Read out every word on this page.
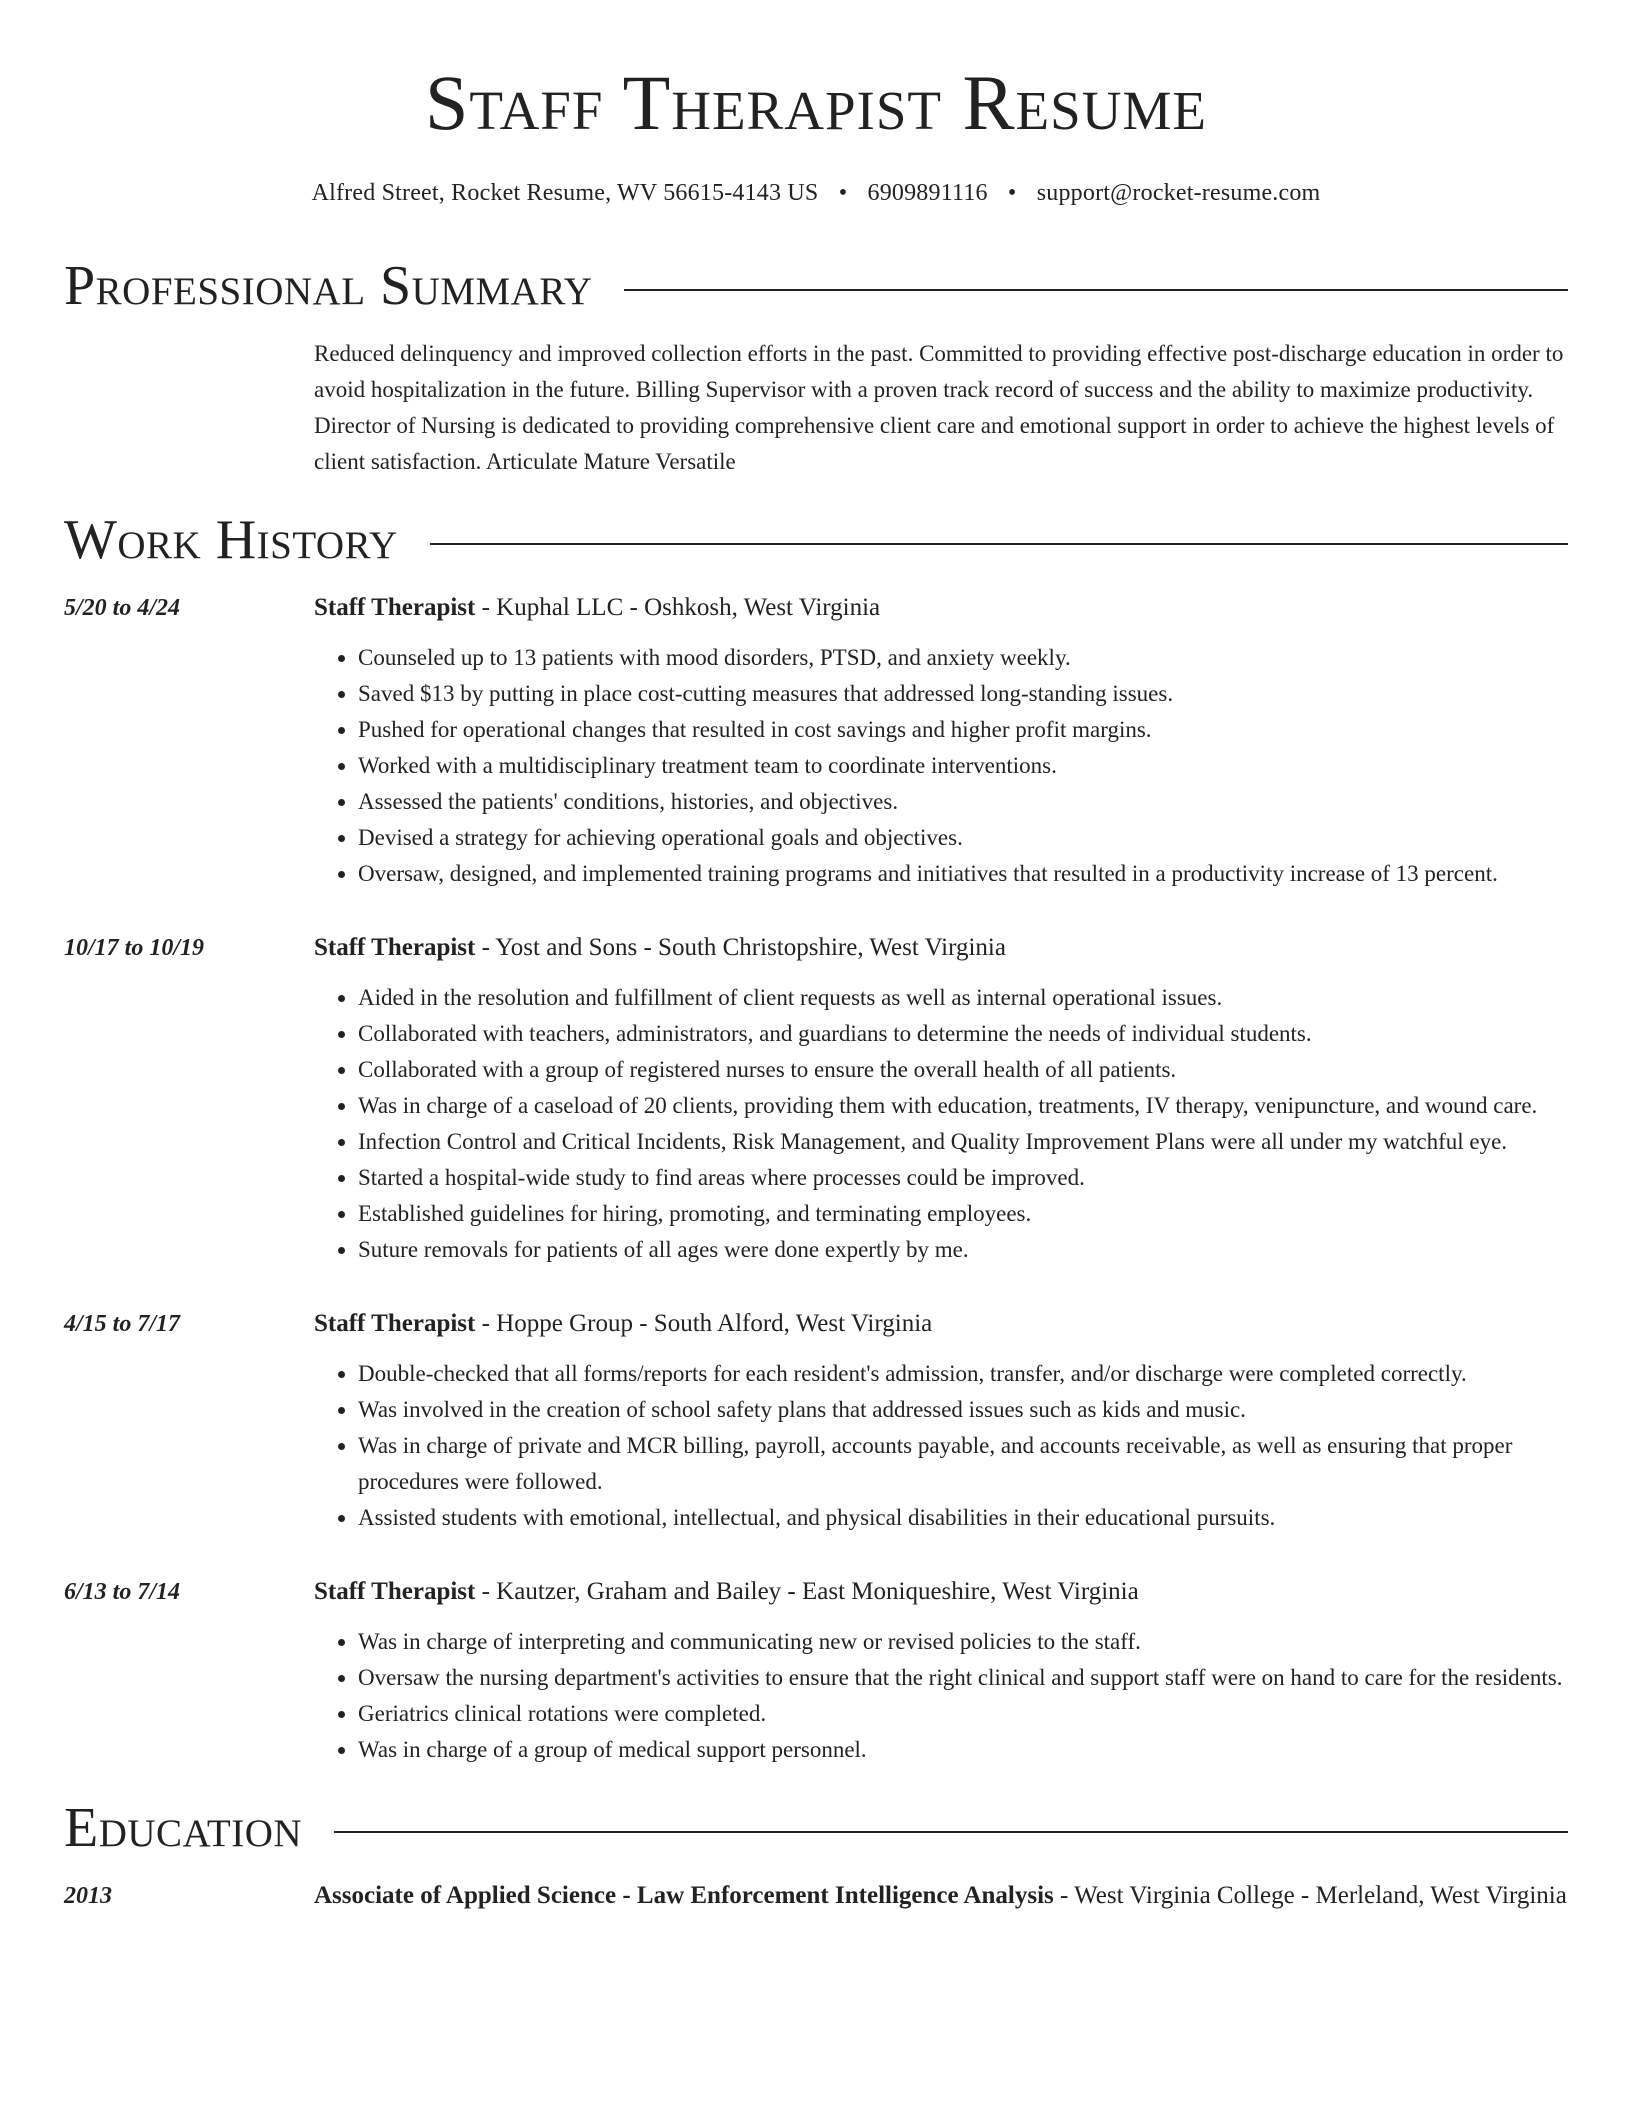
Staff Therapist Resume
Alfred Street, Rocket Resume, WV 56615-4143 US • 6909891116 • support@rocket-resume.com
Professional Summary
Reduced delinquency and improved collection efforts in the past. Committed to providing effective post-discharge education in order to avoid hospitalization in the future. Billing Supervisor with a proven track record of success and the ability to maximize productivity. Director of Nursing is dedicated to providing comprehensive client care and emotional support in order to achieve the highest levels of client satisfaction. Articulate Mature Versatile
Work History
5/20 to 4/24	Staff Therapist - Kuphal LLC - Oshkosh, West Virginia
• Counseled up to 13 patients with mood disorders, PTSD, and anxiety weekly.
• Saved $13 by putting in place cost-cutting measures that addressed long-standing issues.
• Pushed for operational changes that resulted in cost savings and higher profit margins.
• Worked with a multidisciplinary treatment team to coordinate interventions.
• Assessed the patients' conditions, histories, and objectives.
• Devised a strategy for achieving operational goals and objectives.
• Oversaw, designed, and implemented training programs and initiatives that resulted in a productivity increase of 13 percent.
10/17 to 10/19	Staff Therapist - Yost and Sons - South Christopshire, West Virginia
• Aided in the resolution and fulfillment of client requests as well as internal operational issues.
• Collaborated with teachers, administrators, and guardians to determine the needs of individual students.
• Collaborated with a group of registered nurses to ensure the overall health of all patients.
• Was in charge of a caseload of 20 clients, providing them with education, treatments, IV therapy, venipuncture, and wound care.
• Infection Control and Critical Incidents, Risk Management, and Quality Improvement Plans were all under my watchful eye.
• Started a hospital-wide study to find areas where processes could be improved.
• Established guidelines for hiring, promoting, and terminating employees.
• Suture removals for patients of all ages were done expertly by me.
4/15 to 7/17	Staff Therapist - Hoppe Group - South Alford, West Virginia
• Double-checked that all forms/reports for each resident's admission, transfer, and/or discharge were completed correctly.
• Was involved in the creation of school safety plans that addressed issues such as kids and music.
• Was in charge of private and MCR billing, payroll, accounts payable, and accounts receivable, as well as ensuring that proper procedures were followed.
• Assisted students with emotional, intellectual, and physical disabilities in their educational pursuits.
6/13 to 7/14	Staff Therapist - Kautzer, Graham and Bailey - East Moniqueshire, West Virginia
• Was in charge of interpreting and communicating new or revised policies to the staff.
• Oversaw the nursing department's activities to ensure that the right clinical and support staff were on hand to care for the residents.
• Geriatrics clinical rotations were completed.
• Was in charge of a group of medical support personnel.
Education
2013	Associate of Applied Science - Law Enforcement Intelligence Analysis - West Virginia College - Merleland, West Virginia
